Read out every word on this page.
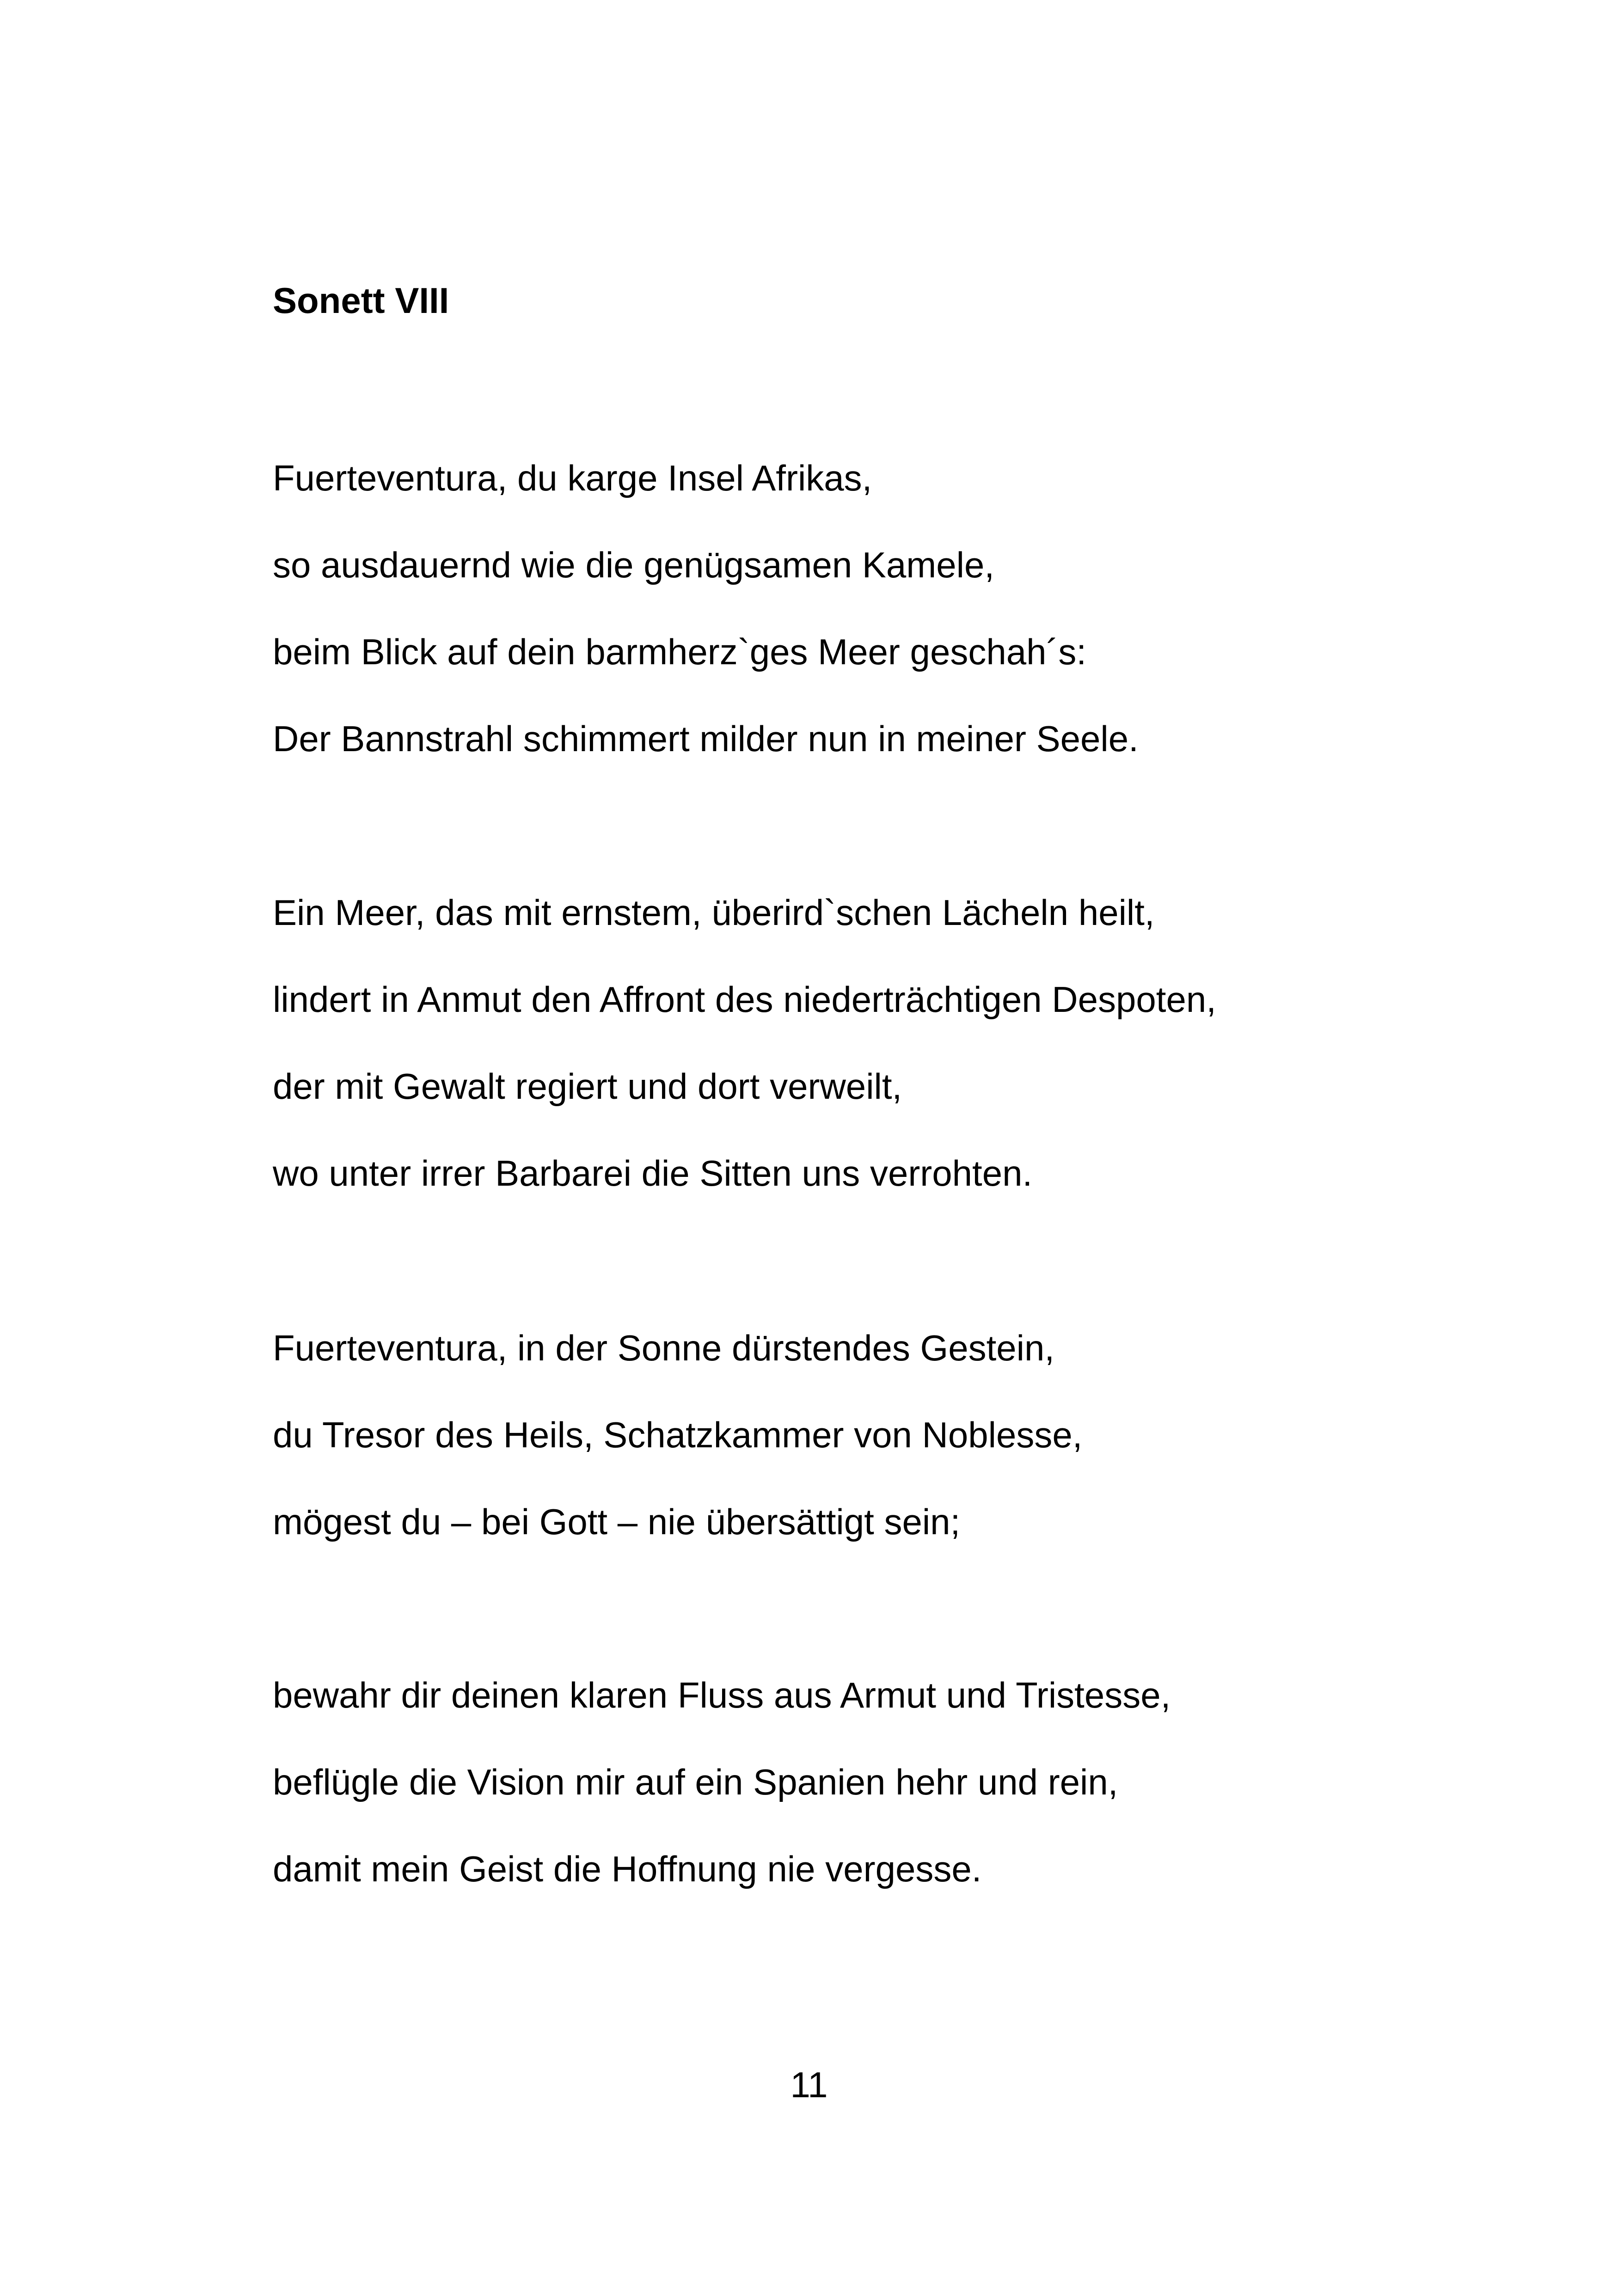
Sonett VIII
Fuerteventura, du karge Insel Afrikas,
so ausdauernd wie die genügsamen Kamele,
beim Blick auf dein barmherz`ges Meer geschah´s:
Der Bannstrahl schimmert milder nun in meiner Seele.
Ein Meer, das mit ernstem, überird`schen Lächeln heilt,
lindert in Anmut den Affront des niederträchtigen Despoten,
der mit Gewalt regiert und dort verweilt,
wo unter irrer Barbarei die Sitten uns verrohten.
Fuerteventura, in der Sonne dürstendes Gestein,
du Tresor des Heils, Schatzkammer von Noblesse,
mögest du – bei Gott – nie übersättigt sein;
bewahr dir deinen klaren Fluss aus Armut und Tristesse,
beflügle die Vision mir auf ein Spanien hehr und rein,
damit mein Geist die Hoffnung nie vergesse.
11
